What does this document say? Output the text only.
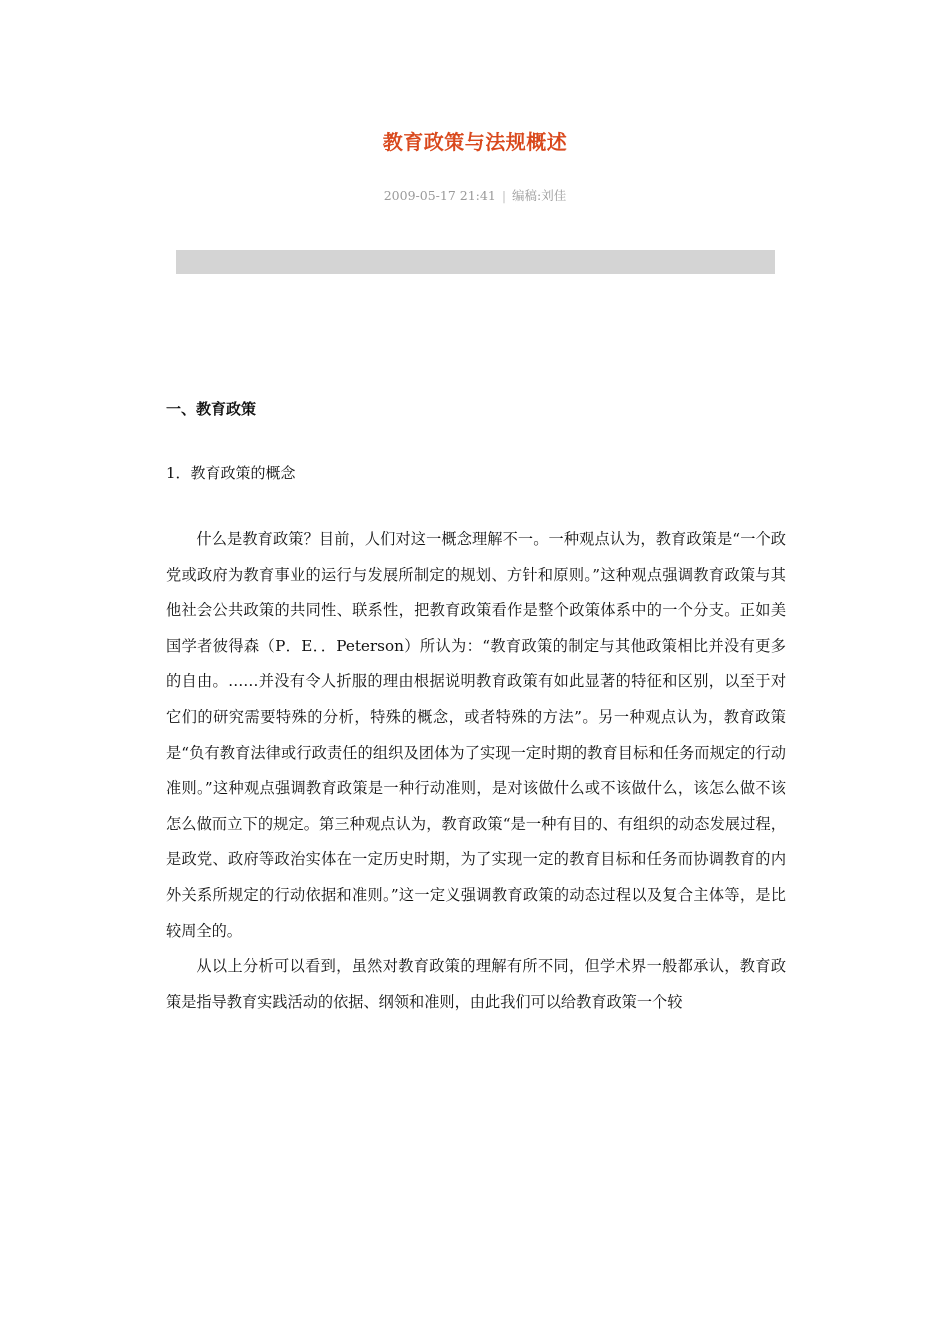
教育政策与法规概述
2009-05-17 21:41 | 编稿:刘佳
一、教育政策
1．教育政策的概念

什么是教育政策？目前，人们对这一概念理解不一。一种观点认为，教育政策是“一个政党或政府为教育事业的运行与发展所制定的规划、方针和原则。”这种观点强调教育政策与其他社会公共政策的共同性、联系性，把教育政策看作是整个政策体系中的一个分支。正如美国学者彼得森（P．E．．Peterson）所认为：“教育政策的制定与其他政策相比并没有更多的自由。……并没有令人折服的理由根据说明教育政策有如此显著的特征和区别，以至于对它们的研究需要特殊的分析，特殊的概念，或者特殊的方法”。另一种观点认为，教育政策是“负有教育法律或行政责任的组织及团体为了实现一定时期的教育目标和任务而规定的行动准则。”这种观点强调教育政策是一种行动准则，是对该做什么或不该做什么，该怎么做不该怎么做而立下的规定。第三种观点认为，教育政策“是一种有目的、有组织的动态发展过程，是政党、政府等政治实体在一定历史时期，为了实现一定的教育目标和任务而协调教育的内外关系所规定的行动依据和准则。”这一定义强调教育政策的动态过程以及复合主体等，是比较周全的。

从以上分析可以看到，虽然对教育政策的理解有所不同，但学术界一般都承认，教育政策是指导教育实践活动的依据、纲领和准则，由此我们可以给教育政策一个较
